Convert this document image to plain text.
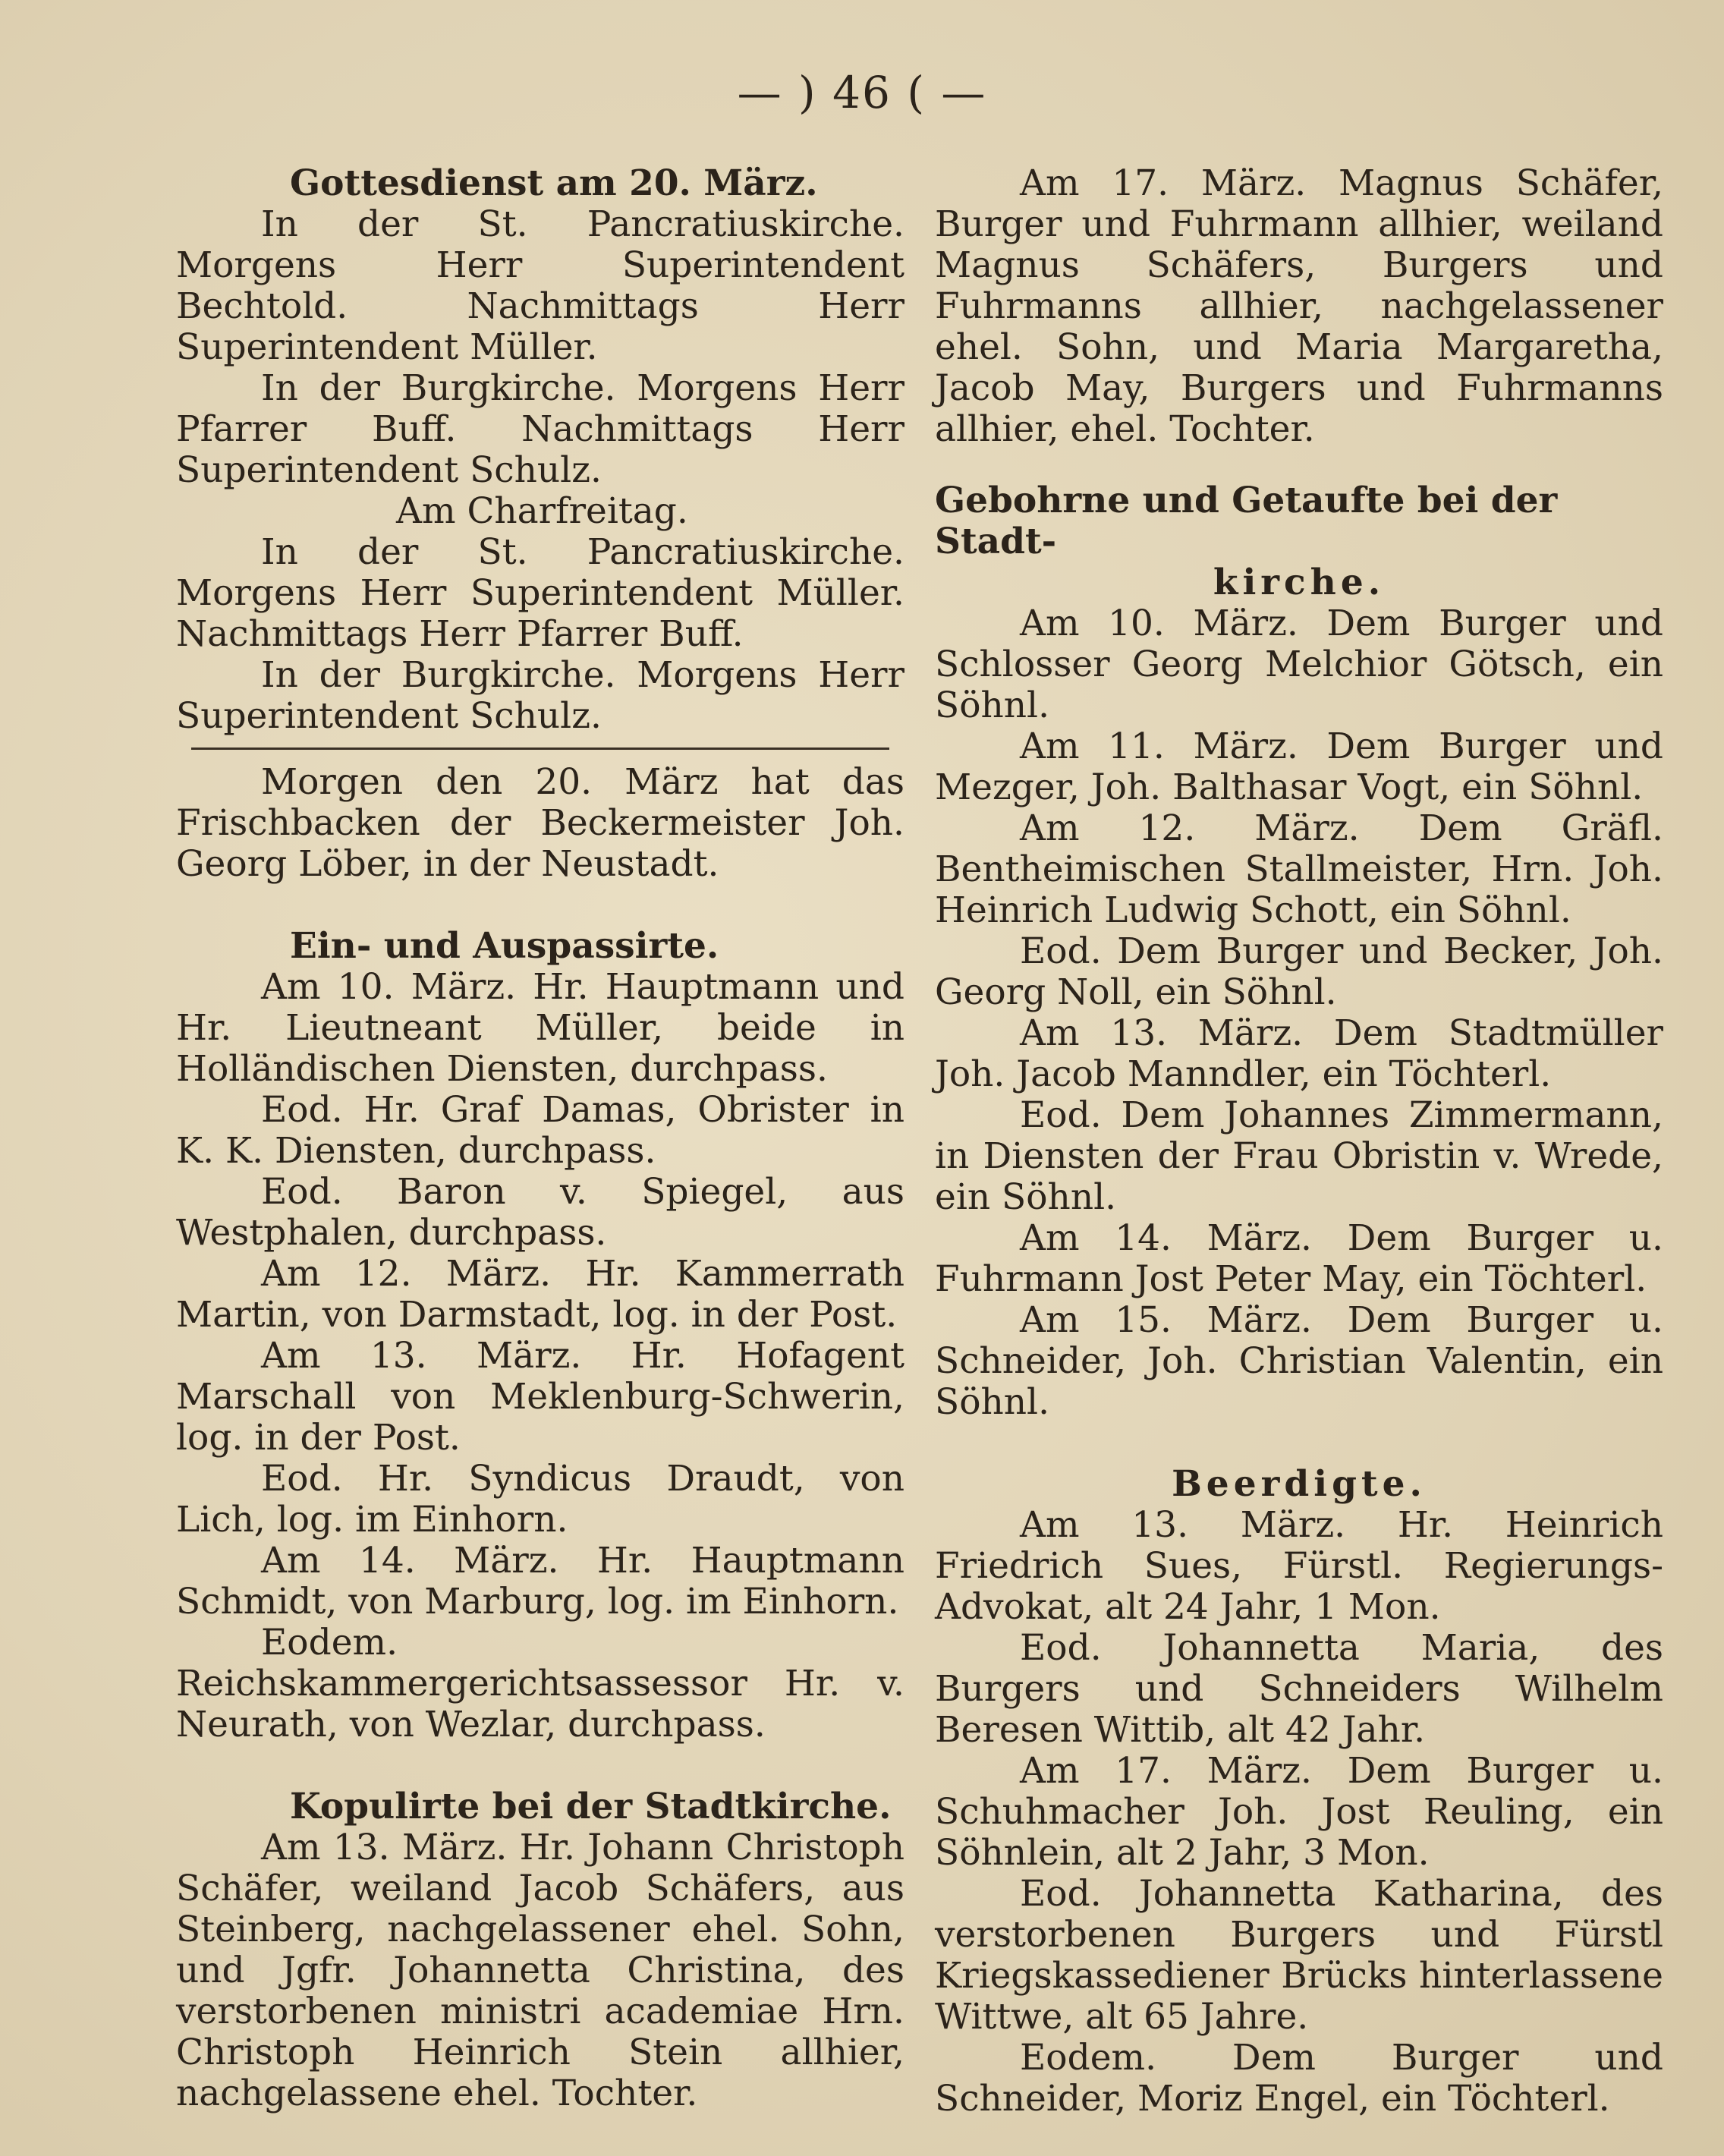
— ) 46 ( —

Gottesdienst am 20. März.

In der St. Pancratiuskirche. Morgens Herr Superintendent Bechtold. Nachmittags Herr Superintendent Müller.

In der Burgkirche. Morgens Herr Pfarrer Buff. Nachmittags Herr Superintendent Schulz.

Am Charfreitag.

In der St. Pancratiuskirche. Morgens Herr Superintendent Müller. Nachmittags Herr Pfarrer Buff.

In der Burgkirche. Morgens Herr Superintendent Schulz.

Morgen den 20. März hat das Frischbacken der Beckermeister Joh. Georg Löber, in der Neustadt.

Ein- und Auspassirte.

Am 10. März. Hr. Hauptmann und Hr. Lieutneant Müller, beide in Holländischen Diensten, durchpass.

Eod. Hr. Graf Damas, Obrister in K. K. Diensten, durchpass.

Eod. Baron v. Spiegel, aus Westphalen, durchpass.

Am 12. März. Hr. Kammerrath Martin, von Darmstadt, log. in der Post.

Am 13. März. Hr. Hofagent Marschall von Meklenburg-Schwerin, log. in der Post.

Eod. Hr. Syndicus Draudt, von Lich, log. im Einhorn.

Am 14. März. Hr. Hauptmann Schmidt, von Marburg, log. im Einhorn.

Eodem. Reichskammergerichtsassessor Hr. v. Neurath, von Wezlar, durchpass.

Kopulirte bei der Stadtkirche.

Am 13. März. Hr. Johann Christoph Schäfer, weiland Jacob Schäfers, aus Steinberg, nachgelassener ehel. Sohn, und Jgfr. Johannetta Christina, des verstorbenen ministri academiae Hrn. Christoph Heinrich Stein allhier, nachgelassene ehel. Tochter.

Am 17. März. Magnus Schäfer, Burger und Fuhrmann allhier, weiland Magnus Schäfers, Burgers und Fuhrmanns allhier, nachgelassener ehel. Sohn, und Maria Margaretha, Jacob May, Burgers und Fuhrmanns allhier, ehel. Tochter.

Gebohrne und Getaufte bei der Stadt-

kirche.

Am 10. März. Dem Burger und Schlosser Georg Melchior Götsch, ein Söhnl.

Am 11. März. Dem Burger und Mezger, Joh. Balthasar Vogt, ein Söhnl.

Am 12. März. Dem Gräfl. Bentheimischen Stallmeister, Hrn. Joh. Heinrich Ludwig Schott, ein Söhnl.

Eod. Dem Burger und Becker, Joh. Georg Noll, ein Söhnl.

Am 13. März. Dem Stadtmüller Joh. Jacob Manndler, ein Töchterl.

Eod. Dem Johannes Zimmermann, in Diensten der Frau Obristin v. Wrede, ein Söhnl.

Am 14. März. Dem Burger u. Fuhrmann Jost Peter May, ein Töchterl.

Am 15. März. Dem Burger u. Schneider, Joh. Christian Valentin, ein Söhnl.

Beerdigte.

Am 13. März. Hr. Heinrich Friedrich Sues, Fürstl. Regierungs-Advokat, alt 24 Jahr, 1 Mon.

Eod. Johannetta Maria, des Burgers und Schneiders Wilhelm Beresen Wittib, alt 42 Jahr.

Am 17. März. Dem Burger u. Schuhmacher Joh. Jost Reuling, ein Söhnlein, alt 2 Jahr, 3 Mon.

Eod. Johannetta Katharina, des verstorbenen Burgers und Fürstl Kriegskassediener Brücks hinterlassene Wittwe, alt 65 Jahre.

Eodem. Dem Burger und Schneider, Moriz Engel, ein Töchterl.
